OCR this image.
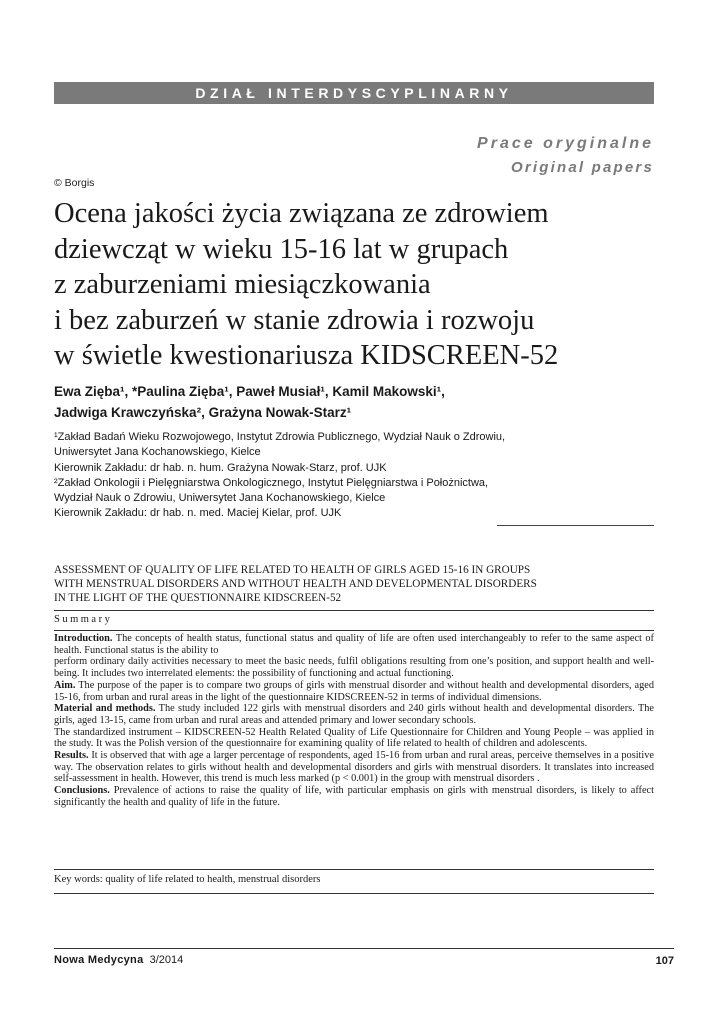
DZIAŁ INTERDYSCYPLINARNY
Prace oryginalne
Original papers
© Borgis
Ocena jakości życia związana ze zdrowiem
dziewcząt w wieku 15-16 lat w grupach
z zaburzeniami miesiączkowania
i bez zaburzeń w stanie zdrowia i rozwoju
w świetle kwestionariusza KIDSCREEN-52
Ewa Zięba¹, *Paulina Zięba¹, Paweł Musiał¹, Kamil Makowski¹,
Jadwiga Krawczyńska², Grażyna Nowak-Starz¹
¹Zakład Badań Wieku Rozwojowego, Instytut Zdrowia Publicznego, Wydział Nauk o Zdrowiu,
Uniwersytet Jana Kochanowskiego, Kielce
Kierownik Zakładu: dr hab. n. hum. Grażyna Nowak-Starz, prof. UJK
²Zakład Onkologii i Pielęgniarstwa Onkologicznego, Instytut Pielęgniarstwa i Położnictwa,
Wydział Nauk o Zdrowiu, Uniwersytet Jana Kochanowskiego, Kielce
Kierownik Zakładu: dr hab. n. med. Maciej Kielar, prof. UJK
ASSESSMENT OF QUALITY OF LIFE RELATED TO HEALTH OF GIRLS AGED 15-16 IN GROUPS
WITH MENSTRUAL DISORDERS AND WITHOUT HEALTH AND DEVELOPMENTAL DISORDERS
IN THE LIGHT OF THE QUESTIONNAIRE KIDSCREEN-52
Summary

Introduction. The concepts of health status, functional status and quality of life are often used interchangeably to refer to the same aspect of health. Functional status is the ability to

perform ordinary daily activities necessary to meet the basic needs, fulfil obligations resulting from one’s position, and support health and well-being. It includes two interrelated elements: the possibility of functioning and actual functioning.

Aim. The purpose of the paper is to compare two groups of girls with menstrual disorder and without health and developmental disorders, aged 15-16, from urban and rural areas in the light of the questionnaire KIDSCREEN-52 in terms of individual dimensions.

Material and methods. The study included 122 girls with menstrual disorders and 240 girls without health and developmental disorders. The girls, aged 13-15, came from urban and rural areas and attended primary and lower secondary schools.

The standardized instrument – KIDSCREEN-52 Health Related Quality of Life Questionnaire for Children and Young People – was applied in the study. It was the Polish version of the questionnaire for examining quality of life related to health of children and adolescents.

Results. It is observed that with age a larger percentage of respondents, aged 15-16 from urban and rural areas, perceive themselves in a positive way. The observation relates to girls without health and developmental disorders and girls with menstrual disorders. It translates into increased self-assessment in health. However, this trend is much less marked (p < 0.001) in the group with menstrual disorders .

Conclusions. Prevalence of actions to raise the quality of life, with particular emphasis on girls with menstrual disorders, is likely to affect significantly the health and quality of life in the future.

Key words: quality of life related to health, menstrual disorders
Nowa Medycyna 3/2014	107
